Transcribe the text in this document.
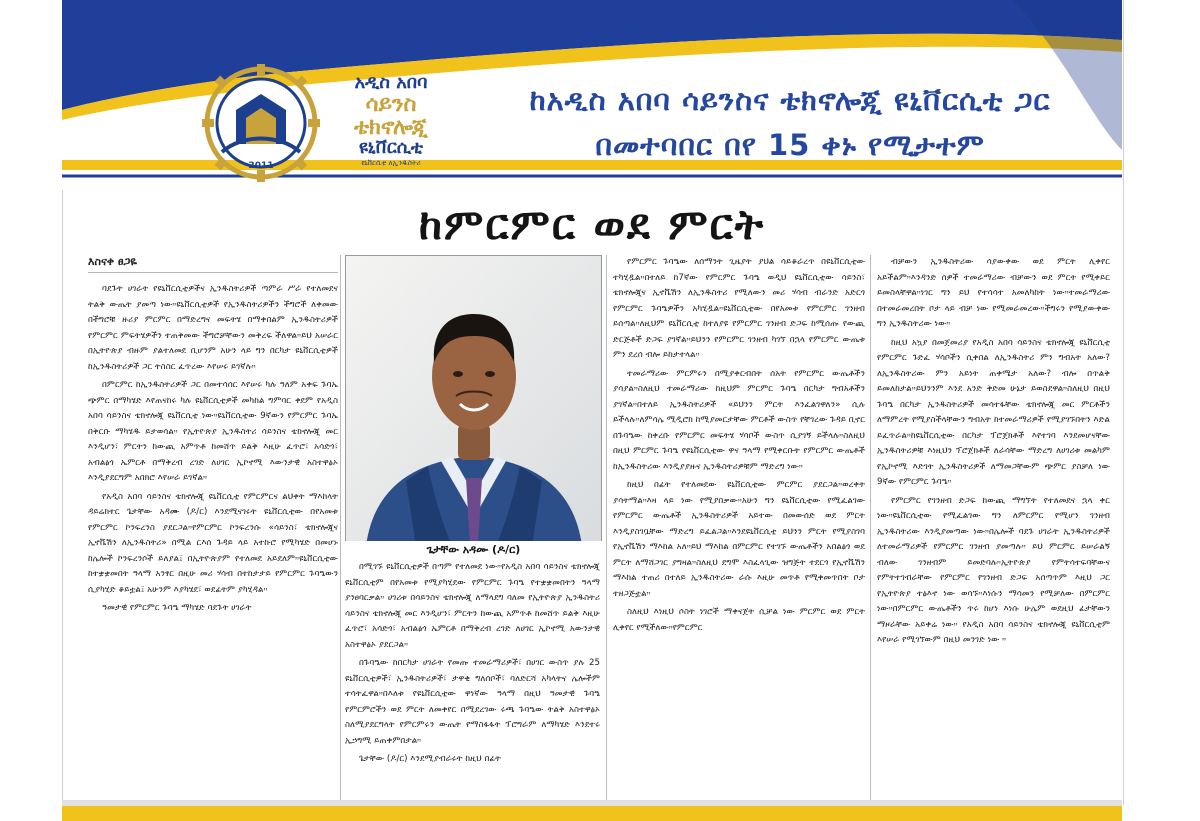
2011
አዲስ አበባ
ሳይንስ
ቴክኖሎጂ
ዩኒቨርሲቲ
ዩኒቨርሲቲ ለኢንዱስትሪ
ከአዲስ አበባ ሳይንስና ቴክኖሎጂ ዩኒቨርሲቲ ጋር
በመተባበር በየ 15 ቀኑ የሚታተም
ከምርምር ወደ ምርት
እስናቀ ፀጋዬ

ባደጉት ሀገራት የዩኒቨርሲቲዎችና ኢንዱስትሪዎች ጣምራ ሥራ የተለመደና ትልቅ ውጤት ያመጣ ነው።ዩኒቨርሲቲዎች የኢንዱስትሪዎችን ችግሮች ለቀመው በችግሮቹ ዙሪያ ምርምር በማድረግና መፍትሄ በማቀበልም ኢንዱስትሪዎች የምርምር ምፍትሄዎችን ተጠቅመው ችግሮቻቸውን መቅረፍ ችለዋል።ይህ አሠራር በኢትዮጵያ ብዙም ያልተለመደ ቢሆንም አሁን ላይ ግን በርካታ ዩኒቨርሲቲዎች ከኢንዱስትሪዎች ጋር ትስስር ፈጥረው እየሠሩ ይገኛሉ።

በምርምር ከኢንዱስትሪዎች ጋር በመተሳሰር እየሠሩ ካሉ ዓለም አቀፍ ጉባኤ ጭምር በማካሄድ እየጠናከሩ ካሉ ዩኒቨርሲቲዎች መካከል ግምባር ቀደም የአዲስ አበባ ሳይንስና ቴክኖሎጂ ዩኒቨርሲቲ ነው።ዩኒቨርሲቲው 9ኛውን የምርምር ጉባኤ በቅርቡ ማካሄዱ ይታወሳል። የኢትዮጵያ ኢንዱስትሪ ሳይንስና ቴክኖሎጂ መር እንዲሆን፣ ምርትን ከውጪ አምጥቶ ከመሸጥ ይልቅ እዚሁ ፈጥሮ፣ አሳድጎ፣ አብልፅጎ ኤምርቶ በማቅረብ ረገድ ለሀገር ኢኮኖሚ እውንታዊ አስተዋፅኦ እንዲያደርግም አበክሮ እየሠራ ይገኛል።

የአዲስ አበባ ሳይንስና ቴክኖሎጂ ዩኒቨርሲቲ የምርምርና ልህቀት ማእከላት ዳይሬክተር ጌታቸው አዳሙ (ዶ/ር) እንደሚናገሩት ዩኒቨርሲቲው በየአመቱ የምርምር ኮንፍረንስ ያደርጋል።የምርምር ኮንፍረንሱ «ሳይንስ፣ ቴክኖሎጂና ኢኖቬሽን ለኢንዱስትሪ» በሚል ርእሰ ጉዳይ ላይ አተኩሮ የሚካሄድ በመሆኑ ከሌሎች ኮንፍረንሶች ይለያል፤ በኢትዮጵያም የተለመደ አይደለም።ዩኒቨርሲቲው ከተቋቋመበት ዓላማ አንፃር በዚሁ መሪ ሃሳብ በተከታታይ የምርምር ጉባዔውን ሲያካሂድ ቆይቷል፤ አሁንም እያካሄደ፣ ወደፊትም ያካሂዳል።

ዓመታዊ የምርምር ጉባዔ ማካሄድ ባደጉት ሀገራት

ጌታቸው አዳሙ (ዶ/ር)

በሚገኙ ዩኒቨርሲቲዎች በጣም የተለመደ ነው።የአዲስ አበባ ሳይንስና ቴክኖሎጂ ዩኒቨርሲቲም በየአመቱ የሚያካሂደው የምርምር ጉባዔ የተቋቋመበትን ዓላማ ያንፀባርቃል። ሀገሪቱ በሳይንስና ቴክኖሎጂ ለማላደግ ባለመ የኢትዮጵያ ኢንዱስትሪ ሳይንስና ቴክኖሎጂ መር እንዲሆን፣ ምርትን ከውጪ አምጥቶ ከመሸጥ ይልቅ እዚሁ ፈጥሮ፣ አሳድጎ፣ አብልፅጎ ኤምርቶ በማቅረብ ረገድ ለሀገር ኢኮኖሚ አውንታዊ አስተዋፅኦ ያደርጋል።

በጉባዔው ከበርካታ ሀገራት የመጡ ተመራማሪዎች፣ በሀገር ውስጥ ያሉ 25 ዩኒቨርሲቲዎች፣ ኢንዱስትሪዎች፣ ታዋቂ ግለሰቦች፣ ባለድርሻ አካላትና ሌሎችም ተሳትፈዋል።በእለቱ የዩኒቨርሲቲው ዋነኛው ዓላማ በዚህ ዓመታዊ ጉባዔ የምርምሮችን ወደ ምርት ለመቀየር በሚደረገው ሩጫ ጉባዔው ትልቅ አስተዋፅኦ ስለሚያደርግላት የምርምሩን ውጤት የማስፋፋት ፕሮግራም ለማካሄድ እንደተሩ ኢኃግሚ ይጠቀምበታል።

ጌታቸው (ዶ/ር) እንደሚያብራሩት ከዚህ በፊት

የምርምር ጉባዔው ለሰማንት ጊዜያት ያህል ሳይቆራረጥ በዩኒቨርሲቲው ተካሂዷል።በተለይ ከ7ኛው የምርምር ጉባዔ ወዲህ ዩኒቨርሲቲው ሳይንስ፣ ቴክኖሎጂና ኢኖቬሽን ለኢንዱስትሪ የሚለውን መሪ ሃሳብ ብራንድ አድርጎ የምርምር ጉባዔዎችን አካሂዷል።ዩኒቨርሲቲው በየአመቱ የምርምር ገንዘብ ይሰጣል።ለዚህም ዩኒቨርሲቲ ከተለያዩ የምርምር ገንዘብ ድጋፍ ከሚሰጡ የውጪ ድርጅቶች ድጋፍ ያገኛል።ይህንን የምርምር ገንዘብ ካገኘ በኋላ የምርምር ውጤቱ ምን ደረሰ ብሎ ይከታተላል።

ተመራማሪው ምርምሩን በሚያቀርብበት ሰአት የምርምር ውጤቶችን ያሳያል።ስለዚህ ተመራማሪው ከዚህም ምርምር ጉባዔ በርካታ ግብአቶችን ያገኛል።በተለይ ኢንዱስትሪዎች «ይህንን ምርት እንፈልገዋለን» ሲሉ ይችላሉ።ለምሳሌ ሚዲሮክ ከሚያመርታቸው ምርቶች ውስጥ የቸገረው ጉዳይ ቢኖር በጉባዔው ከቀረቡ የምርምር መፍትሄ ሃሳቦች ውስጥ ሲያገኝ ይችላሉ።ስለዚህ በዚህ ምርምር ጉባዔ የዩኒቨርሲቲው ዋና ዓላማ የሚቀርቡት የምርምር ውጤቶች ከኢንዱስትሪው እንዲያያዙና ኢንዱስትሪዎቹም ማድረግ ነው።

ከዚህ በፊት የተለመደው ዩኒቨርሲቲው ምርምር ያደርጋል።ወረቀት ያሳትማል።እዛ ላይ ነው የሚያበቃው።አሁን ግን ዩኒቨርሲቲው የሚፈልገው የምርምር ውጤቶች ኢንዱስትሪዎች አይተው በመውሰድ ወደ ምርት እንዲያስገቧቸው ማድረግ ይፈልጋል።እንደዩኒቨርሲቲ ይህንን ምርት የሚያስገባ የኢኖቬሽን ማእከል አለ።ይህ ማእከል በምርምር የተገኙ ውጤቶችን አበልፅጎ ወደ ምርት ለማሸጋገር ያግዛል።ስለዚህ ደግሞ እስፈላጊው ዝግጅት ተደርጎ የኢኖቬሽን ማእከል ተጠሪ በተለይ ኢንዱስትሪው ራሱ እዚሁ መጥቶ የሚቀመጥበት ቦታ ተዘጋጅቷል።

ስለዚህ እነዚህ ሶስት ነገሮች ማቀናጀት ሲቻል ነው ምርምር ወደ ምርት ሊቀየር የሚችለው።የምርምር

ብቻውን ኢንዱስትሪው ሳያውቀው ወደ ምርት ሊቀየር አይችልም።እንዳንድ ሰዎች ተመራማሪው ብቻውን ወደ ምርት የሚቀይር ይመስላቸዋል።ነገር ግን ይህ የተሳሳተ አመለካከት ነው።ተመራማሪው በተመራመረበት ቦታ ላይ ብቻ ነው የሚመራመረው።ችግሩን የሚያውቀው ግን ኢንዱስትሪው ነው።

ከዚህ አኳያ በመጀመሪያ የአዲስ አበባ ሳይንስና ቴክኖሎጂ ዩኒቨርሲቲ የምርምር ጉድፈ ሃሳቦችን ሲቀበል ለኢንዱስትሪ ምን ግብአት አለው? ለኢንዱስትሪው ምን አይነት ጠቀሜታ አለው? ብሎ በጥልቅ ይመለከታል።ይህንንም እንደ አንድ ቅድመ ሁኔታ ይወስደዋል።ስለዚህ በዚህ ጉባዔ በርካታ ኢንዱስትሪዎች መሳተፋቸው ቴክኖሎጂ መር ምርቶችን ለማምረት የሚያስችላቸውን ግብአት ከተመራማሪዎች የሚያገኙበትን እድል ይፈጥራል።ከዩኒቨርሲቲው በርካታ ፕሮጀክቶች እየተገባ እንደመሆናቸው ኢንዱስትሪዎቹ እነዚህን ፕሮጀክቶች ለራሳቸው ማድረግ ለሀገሪቱ መልካም የኢኮኖሚ እድገት ኢንዱስትሪዎች ለማመጋቸውም ጭምር ያስቻለ ነው 9ኛው የምርምር ጉባዔ።

የምርምር የገንዘብ ድጋፍ ከውጪ ማግኘት የተለመደና ኋላ ቀር ነው።ዩኒቨርሲቲው የሚፈልገው ግን ለምርምር የሚሆን ገንዘብ ኢንዱስትሪው እንዲያመጣው ነው።በሌሎች ባደጉ ሀገራት ኢንዱስትሪዎች ለተመራማሪዎች የምርምር ገንዘብ ያመጣሉ። ይህ ምርምር ይሠራልኝ ብለው ገንዘብም ይመድባሉ።ኢትዮጵያ የምትሳተፍባቸውና የምትተገብራቸው የምርምር የገንዘብ ድጋፍ አሰጣጥም እዚህ ጋር የኢትዮጵያ ተፅእኖ ነው ወሳኙ።እነሱን ማሳመን የሚቻለው በምርምር ነው።በምርምር ውጤቶችን ጥሩ ከሆነ እነሱ ሁሌም ወደዚህ ፊታቸውን ማዞራቸው አይቀሬ ነው። የአዲስ አበባ ሳይንስና ቴክኖሎጂ ዩኒቨርሲቲም እየሠራ የሚገኘውም በዚህ መንገድ ነው ።
